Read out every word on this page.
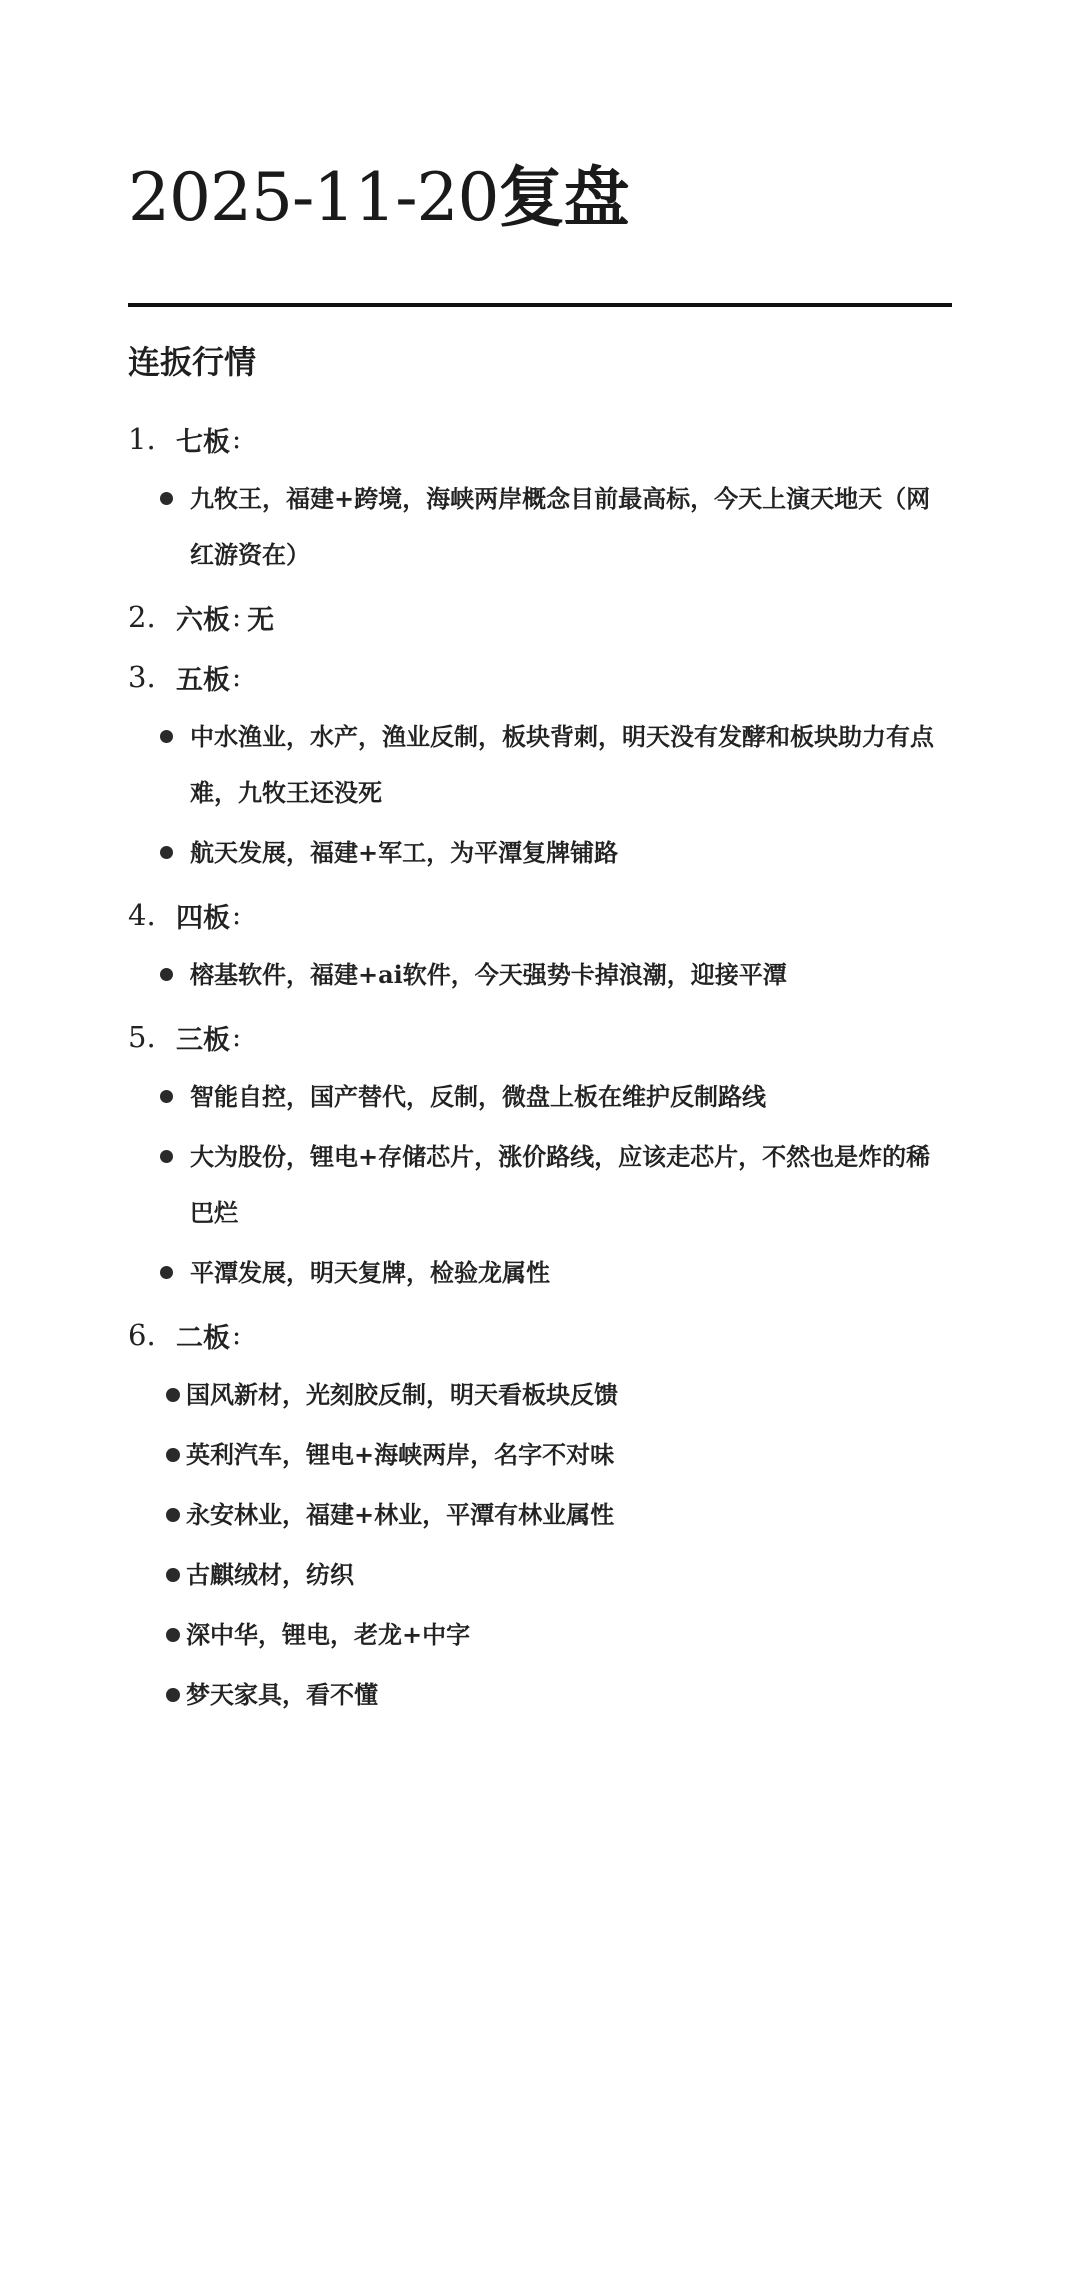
2025-11-20复盘
连扳行情
1. 七板 :
九牧王，福建+跨境，海峡两岸概念目前最高标，今天上演天地天（网红游资在）
2. 六板 : 无
3. 五板 :
中水渔业，水产，渔业反制，板块背刺，明天没有发酵和板块助力有点难，九牧王还没死
航天发展，福建+军工，为平潭复牌铺路
4. 四板 :
榕基软件，福建+ai软件，今天强势卡掉浪潮，迎接平潭
5. 三板 :
智能自控，国产替代，反制，微盘上板在维护反制路线
大为股份，锂电+存储芯片，涨价路线，应该走芯片，不然也是炸的稀巴烂
平潭发展，明天复牌，检验龙属性
6. 二板 :
国风新材，光刻胶反制，明天看板块反馈
英利汽车，锂电+海峡两岸，名字不对味
永安林业，福建+林业，平潭有林业属性
古麒绒材，纺织
深中华，锂电，老龙+中字
梦天家具，看不懂
